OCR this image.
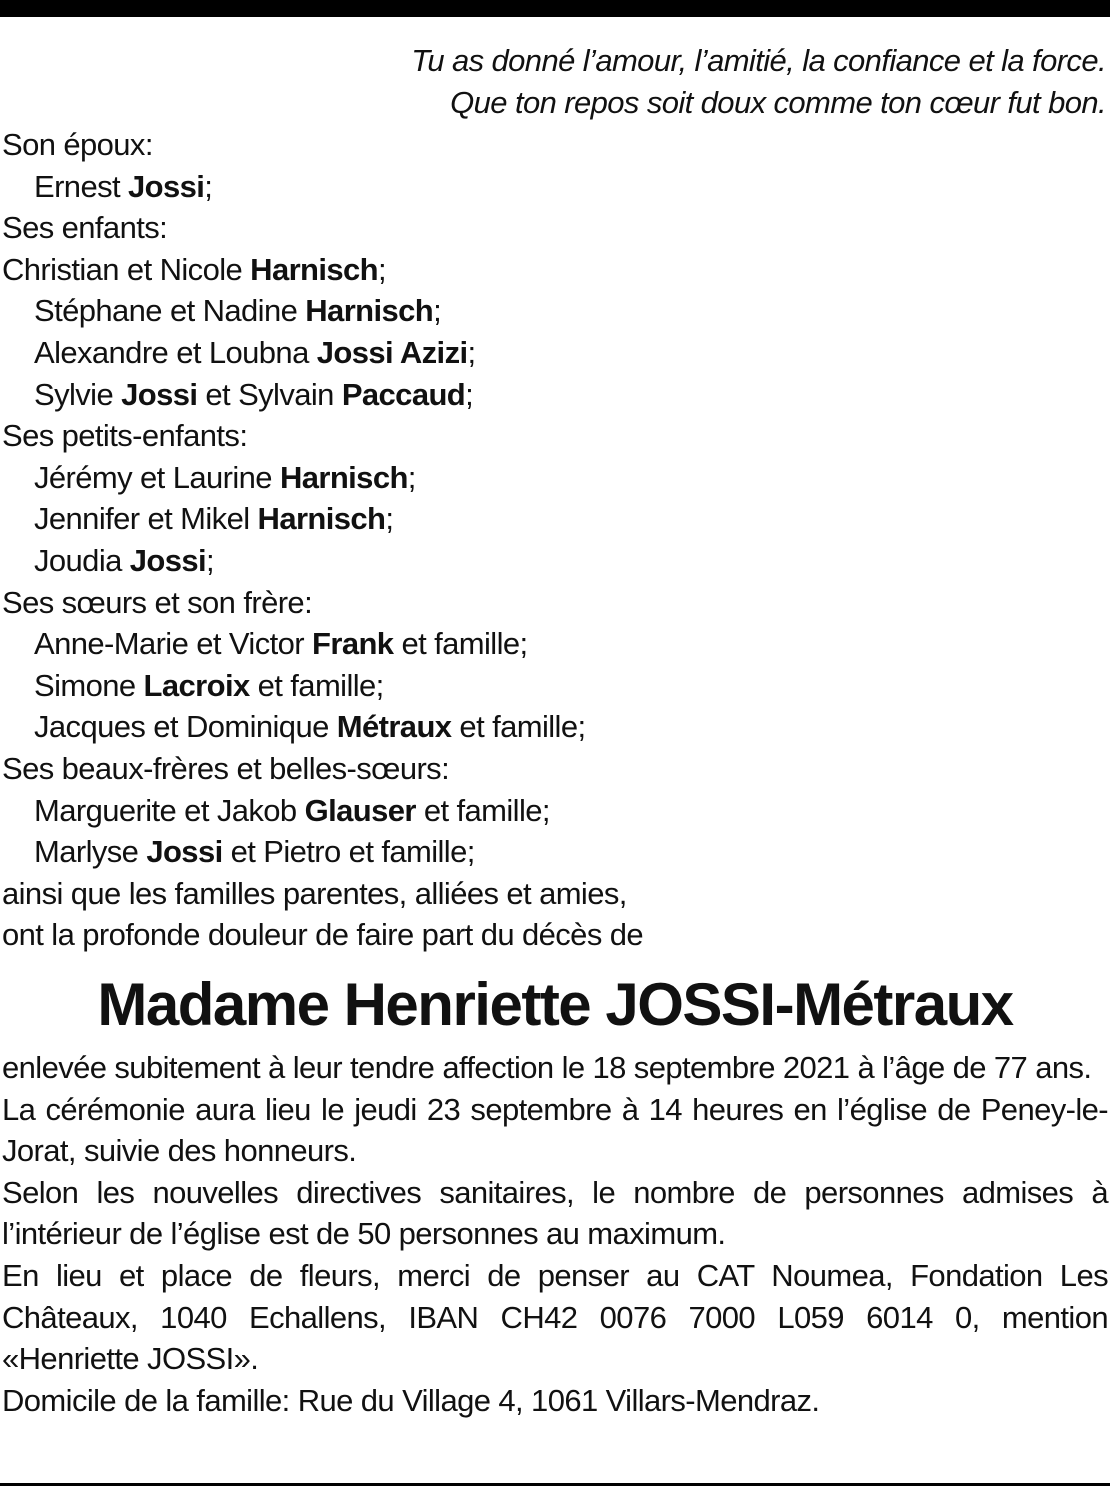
Tu as donné l’amour, l’amitié, la confiance et la force.
Que ton repos soit doux comme ton cœur fut bon.
Son époux:
Ernest Jossi;
Ses enfants:
Christian et Nicole Harnisch;
Stéphane et Nadine Harnisch;
Alexandre et Loubna Jossi Azizi;
Sylvie Jossi et Sylvain Paccaud;
Ses petits-enfants:
Jérémy et Laurine Harnisch;
Jennifer et Mikel Harnisch;
Joudia Jossi;
Ses sœurs et son frère:
Anne-Marie et Victor Frank et famille;
Simone Lacroix et famille;
Jacques et Dominique Métraux et famille;
Ses beaux-frères et belles-sœurs:
Marguerite et Jakob Glauser et famille;
Marlyse Jossi et Pietro et famille;
ainsi que les familles parentes, alliées et amies,
ont la profonde douleur de faire part du décès de
Madame Henriette JOSSI-Métraux

enlevée subitement à leur tendre affection le 18 septembre 2021 à l’âge de 77 ans.

La cérémonie aura lieu le jeudi 23 septembre à 14 heures en l’église de Peney-le-Jorat, suivie des honneurs.

Selon les nouvelles directives sanitaires, le nombre de personnes admises à l’intérieur de l’église est de 50 personnes au maximum.

En lieu et place de fleurs, merci de penser au CAT Noumea, Fondation Les Châteaux, 1040 Echallens, IBAN CH42 0076 7000 L059 6014 0, mention «Henriette JOSSI».

Domicile de la famille: Rue du Village 4, 1061 Villars-Mendraz.
